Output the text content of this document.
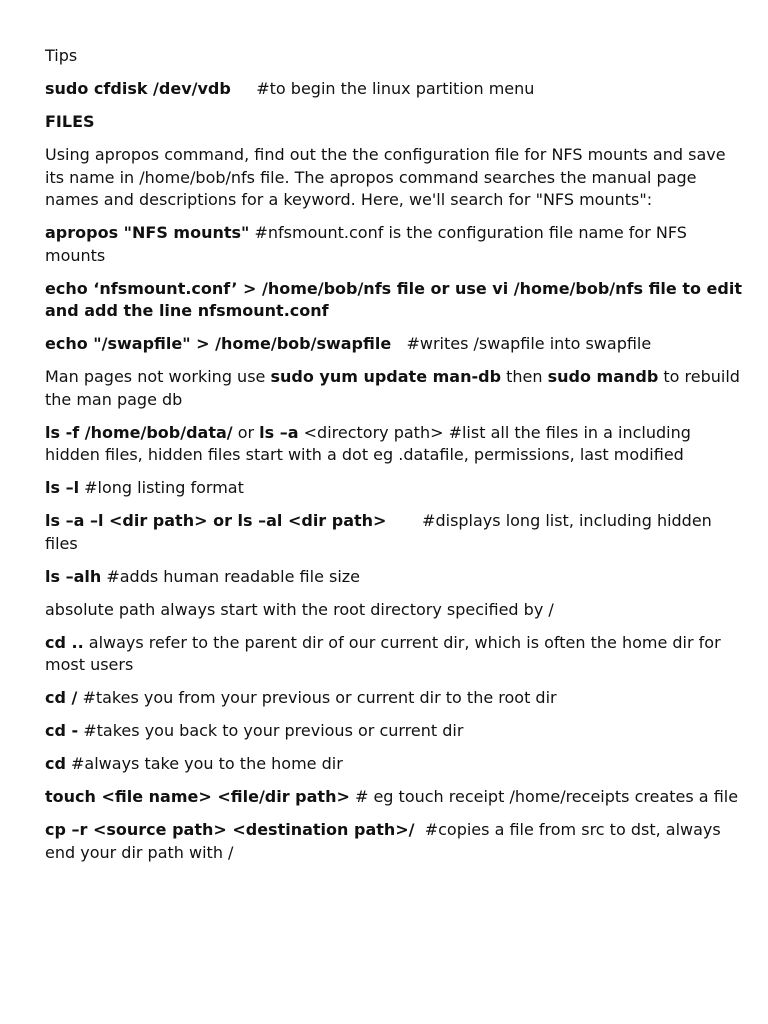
Tips

sudo cfdisk /dev/vdb     #to begin the linux partition menu

FILES

Using apropos command, find out the the configuration file for NFS mounts and save its name in /home/bob/nfs file. The apropos command searches the manual page names and descriptions for a keyword. Here, we'll search for "NFS mounts":

apropos "NFS mounts" #nfsmount.conf is the configuration file name for NFS mounts

echo ‘nfsmount.conf’ > /home/bob/nfs file or use vi /home/bob/nfs file to edit and add the line nfsmount.conf

echo "/swapfile" > /home/bob/swapfile   #writes /swapfile into swapfile

Man pages not working use sudo yum update man-db then sudo mandb to rebuild the man page db

ls -f /home/bob/data/ or ls –a <directory path> #list all the files in a including hidden files, hidden files start with a dot eg .datafile, permissions, last modified

ls –l #long listing format

ls –a –l <dir path> or ls –al <dir path>       #displays long list, including hidden files

ls –alh #adds human readable file size

absolute path always start with the root directory specified by /

cd .. always refer to the parent dir of our current dir, which is often the home dir for most users

cd / #takes you from your previous or current dir to the root dir

cd - #takes you back to your previous or current dir

cd #always take you to the home dir

touch <file name> <file/dir path> # eg touch receipt /home/receipts creates a file

cp –r <source path> <destination path>/  #copies a file from src to dst, always end your dir path with /
